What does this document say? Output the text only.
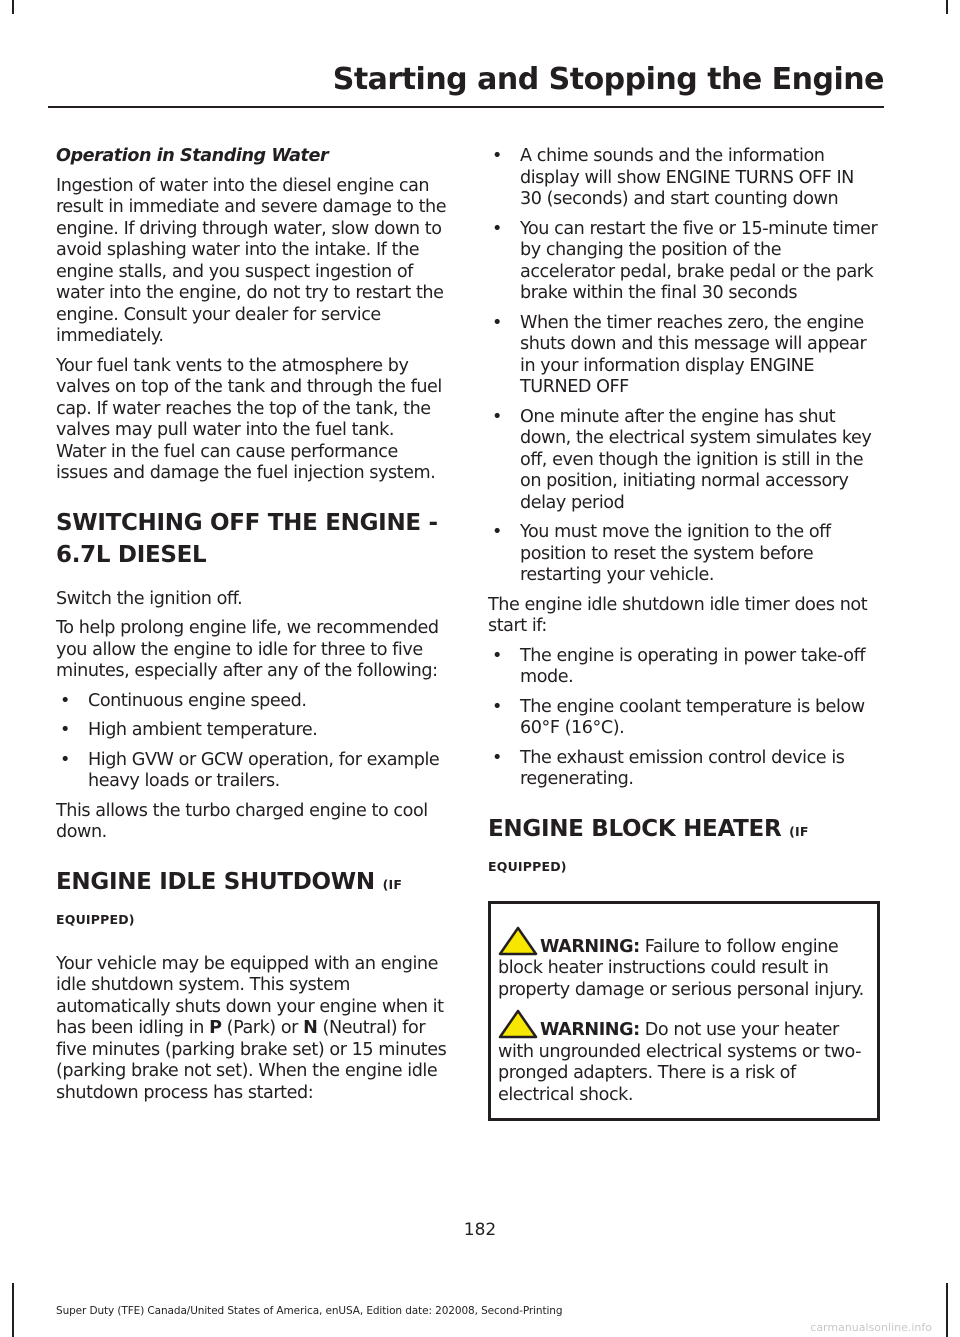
Starting and Stopping the Engine
Operation in Standing Water

Ingestion of water into the diesel engine can result in immediate and severe damage to the engine. If driving through water, slow down to avoid splashing water into the intake. If the engine stalls, and you suspect ingestion of water into the engine, do not try to restart the engine. Consult your dealer for service immediately.

Your fuel tank vents to the atmosphere by valves on top of the tank and through the fuel cap. If water reaches the top of the tank, the valves may pull water into the fuel tank. Water in the fuel can cause performance issues and damage the fuel injection system.

SWITCHING OFF THE ENGINE - 6.7L DIESEL

Switch the ignition off.

To help prolong engine life, we recommended you allow the engine to idle for three to five minutes, especially after any of the following:

• Continuous engine speed.
• High ambient temperature.
• High GVW or GCW operation, for example heavy loads or trailers.

This allows the turbo charged engine to cool down.

ENGINE IDLE SHUTDOWN (IF EQUIPPED)

Your vehicle may be equipped with an engine idle shutdown system. This system automatically shuts down your engine when it has been idling in P (Park) or N (Neutral) for five minutes (parking brake set) or 15 minutes (parking brake not set). When the engine idle shutdown process has started:

• A chime sounds and the information display will show ENGINE TURNS OFF IN 30 (seconds) and start counting down
• You can restart the five or 15-minute timer by changing the position of the accelerator pedal, brake pedal or the park brake within the final 30 seconds
• When the timer reaches zero, the engine shuts down and this message will appear in your information display ENGINE TURNED OFF
• One minute after the engine has shut down, the electrical system simulates key off, even though the ignition is still in the on position, initiating normal accessory delay period
• You must move the ignition to the off position to reset the system before restarting your vehicle.

The engine idle shutdown idle timer does not start if:

• The engine is operating in power take-off mode.
• The engine coolant temperature is below 60°F (16°C).
• The exhaust emission control device is regenerating.
ENGINE BLOCK HEATER (IF EQUIPPED)

WARNING: Failure to follow engine block heater instructions could result in property damage or serious personal injury.

WARNING: Do not use your heater with ungrounded electrical systems or two-pronged adapters. There is a risk of electrical shock.

182
Super Duty (TFE) Canada/United States of America, enUSA, Edition date: 202008, Second-Printing
carmanualsonline.info
